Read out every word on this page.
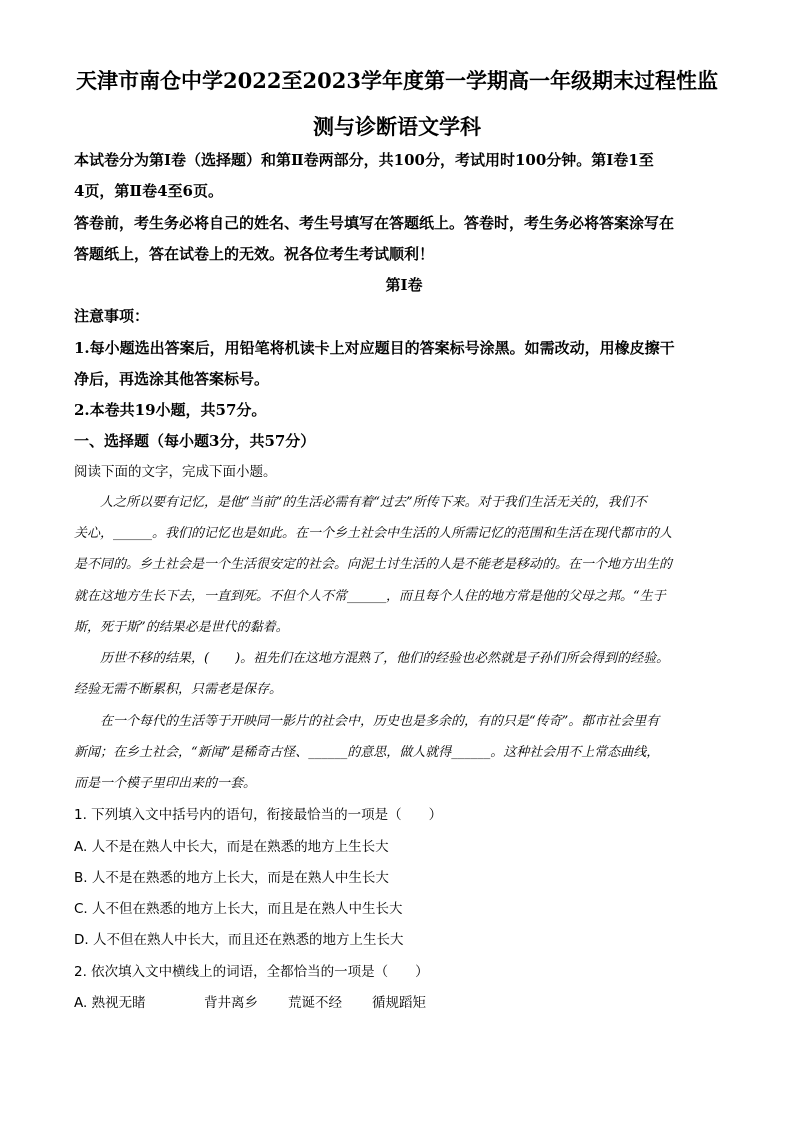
天津市南仓中学2022至2023学年度第一学期高一年级期末过程性监
测与诊断语文学科
本试卷分为第Ⅰ卷（选择题）和第Ⅱ卷两部分，共100分，考试用时100分钟。第Ⅰ卷1至
4页，第Ⅱ卷4至6页。
答卷前，考生务必将自己的姓名、考生号填写在答题纸上。答卷时，考生务必将答案涂写在
答题纸上，答在试卷上的无效。祝各位考生考试顺利！
第Ⅰ卷
注意事项：
1.每小题选出答案后，用铅笔将机读卡上对应题目的答案标号涂黑。如需改动，用橡皮擦干
净后，再选涂其他答案标号。
2.本卷共19小题，共57分。
一、选择题（每小题3分，共57分）
阅读下面的文字，完成下面小题。
人之所以要有记忆，是他“当前”的生活必需有着“过去”所传下来。对于我们生活无关的，我们不
关心，______。我们的记忆也是如此。在一个乡土社会中生活的人所需记忆的范围和生活在现代都市的人
是不同的。乡土社会是一个生活很安定的社会。向泥土讨生活的人是不能老是移动的。在一个地方出生的
就在这地方生长下去，一直到死。不但个人不常______，而且每个人住的地方常是他的父母之邦。“生于
斯，死于斯”的结果必是世代的黏着。
历世不移的结果，(　　)。祖先们在这地方混熟了，他们的经验也必然就是子孙们所会得到的经验。
经验无需不断累积，只需老是保存。
在一个每代的生活等于开映同一影片的社会中，历史也是多余的，有的只是“传奇”。都市社会里有
新闻；在乡土社会，“新闻”是稀奇古怪、______的意思，做人就得______。这种社会用不上常态曲线，
而是一个模子里印出来的一套。
1. 下列填入文中括号内的语句，衔接最恰当的一项是（　　）
A. 人不是在熟人中长大，而是在熟悉的地方上生长大
B. 人不是在熟悉的地方上长大，而是在熟人中生长大
C. 人不但在熟悉的地方上长大，而且是在熟人中生长大
D. 人不但在熟人中长大，而且还在熟悉的地方上生长大
2. 依次填入文中横线上的词语，全都恰当的一项是（　　）
A. 熟视无睹	背井离乡 荒诞不经 循规蹈矩
